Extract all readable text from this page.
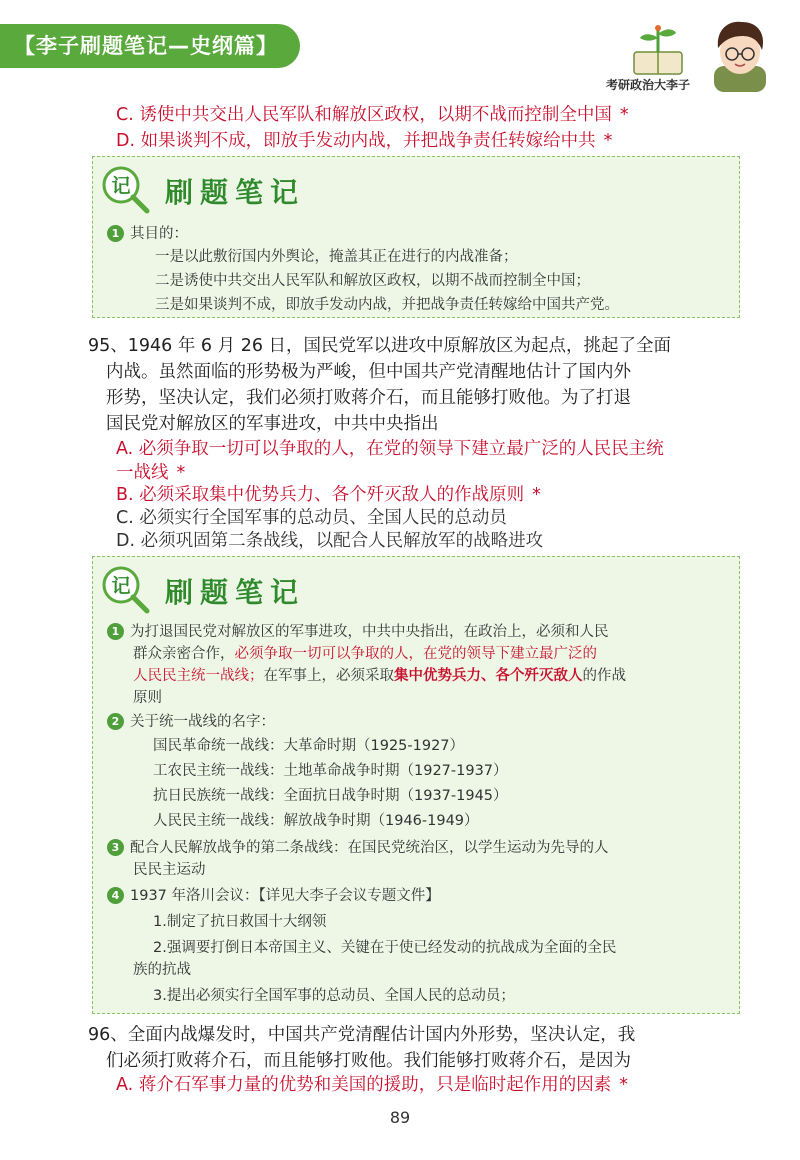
【李子刷题笔记—史纲篇】
考研政治大李子
C. 诱使中共交出人民军队和解放区政权，以期不战而控制全中国 *
D. 如果谈判不成，即放手发动内战，并把战争责任转嫁给中共 *
记 刷题笔记
1 其目的：
一是以此敷衍国内外舆论，掩盖其正在进行的内战准备；
二是诱使中共交出人民军队和解放区政权，以期不战而控制全中国；
三是如果谈判不成，即放手发动内战，并把战争责任转嫁给中国共产党。
95、1946 年 6 月 26 日，国民党军以进攻中原解放区为起点，挑起了全面
内战。虽然面临的形势极为严峻，但中国共产党清醒地估计了国内外
形势，坚决认定，我们必须打败蒋介石，而且能够打败他。为了打退
国民党对解放区的军事进攻，中共中央指出
A. 必须争取一切可以争取的人，在党的领导下建立最广泛的人民民主统
一战线 *
B. 必须采取集中优势兵力、各个歼灭敌人的作战原则 *
C. 必须实行全国军事的总动员、全国人民的总动员
D. 必须巩固第二条战线，以配合人民解放军的战略进攻
记 刷题笔记
1 为打退国民党对解放区的军事进攻，中共中央指出，在政治上，必须和人民
群众亲密合作，必须争取一切可以争取的人，在党的领导下建立最广泛的
人民民主统一战线；在军事上，必须采取集中优势兵力、各个歼灭敌人的作战
原则
2 关于统一战线的名字：
国民革命统一战线：大革命时期（1925-1927）
工农民主统一战线：土地革命战争时期（1927-1937）
抗日民族统一战线：全面抗日战争时期（1937-1945）
人民民主统一战线：解放战争时期（1946-1949）
3 配合人民解放战争的第二条战线：在国民党统治区，以学生运动为先导的人
民民主运动
4 1937 年洛川会议：【详见大李子会议专题文件】
1.制定了抗日救国十大纲领
2.强调要打倒日本帝国主义、关键在于使已经发动的抗战成为全面的全民
族的抗战
3.提出必须实行全国军事的总动员、全国人民的总动员；
96、全面内战爆发时，中国共产党清醒估计国内外形势，坚决认定，我
们必须打败蒋介石，而且能够打败他。我们能够打败蒋介石，是因为
A. 蒋介石军事力量的优势和美国的援助，只是临时起作用的因素 *
89
